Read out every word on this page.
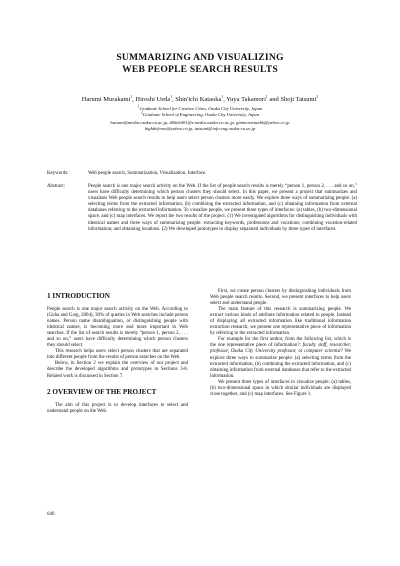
SUMMARIZING AND VISUALIZING
WEB PEOPLE SEARCH RESULTS
Harumi Murakami$^1$, Hiroshi Ueda$^1$, Shin'ichi Kataoka$^1$, Yuya Takamori$^1$ and Shoji Tatsumi$^2$
$^1$Graduate School for Creative Cities, Osaka City University, Japan
$^2$Graduate School of Engineering, Osaka City University, Japan
harumi@media.osaka-cu.ac.jp, d06eb001@s.media.osaka-cu.ac.jp, ginmoraviaabk@yahoo.co.jp
highdefense@yahoo.co.jp, tatsumi@info.eng.osaka-cu.ac.jp
Keywords:	Web people search, Summarization, Visualization, Interface.
Abstract:	People search is one major search activity on the Web. If the list of people search results is merely “person 1, person 2, . . . and so on,” users have difficulty determining which person clusters they should select. In this paper, we present a project that summarizes and visualizes Web people search results to help users select person clusters more easily. We explore three ways of summarizing people: (a) selecting terms from the extracted information, (b) combining the extracted information, and (c) obtaining information from external databases referring to the extracted information. To visualize people, we present three types of interfaces: (a) tables, (b) two-dimensional space, and (c) map interfaces. We report the two results of the project. (1) We investigated algorithms for distinguishing individuals with identical names and three ways of summarizing people: extracting keywords, professions and vocations; combining vocation-related information; and obtaining locations. (2) We developed prototypes to display separated individuals by three types of interfaces.
1 INTRODUCTION

People search is one major search activity on the Web. According to (Guha and Garg, 2004), 30% of queries in Web searches include person names. Person name disambiguation, or distinguishing people with identical names, is becoming more and more important in Web searches. If the list of search results is merely “person 1, person 2, . . . and so on,” users have difficulty determining which person clusters they should select.

This research helps users select person clusters that are separated into different people from the results of person searches on the Web.

Below, in Section 2 we explain the overview of our project and describe the developed algorithms and prototypes in Sections 3-6. Related work is discussed in Section 7.

2 OVERVIEW OF THE PROJECT

The aim of this project is to develop interfaces to select and understand people on the Web.

First, we create person clusters by distinguishing individuals from Web people search results. Second, we present interfaces to help users select and understand people.

The main feature of this research is summarizing people. We extract various kinds of attribute information related to people. Instead of displaying all extracted information like traditional information extraction research, we present one representative piece of information by referring to the extracted information.

For example for the first author, from the following list, which is the one representative piece of information?: faculty staff, researcher, professor, Osaka City University professor, or computer scientist? We explore three ways to summarize people: (a) selecting terms from the extracted information, (b) combining the extracted information, and (c) obtaining information from external databases that refer to the extracted information.

We present three types of interfaces to visualize people: (a) tables, (b) two-dimensional space in which similar individuals are displayed close together, and (c) map interfaces. See Figure 1.

640
